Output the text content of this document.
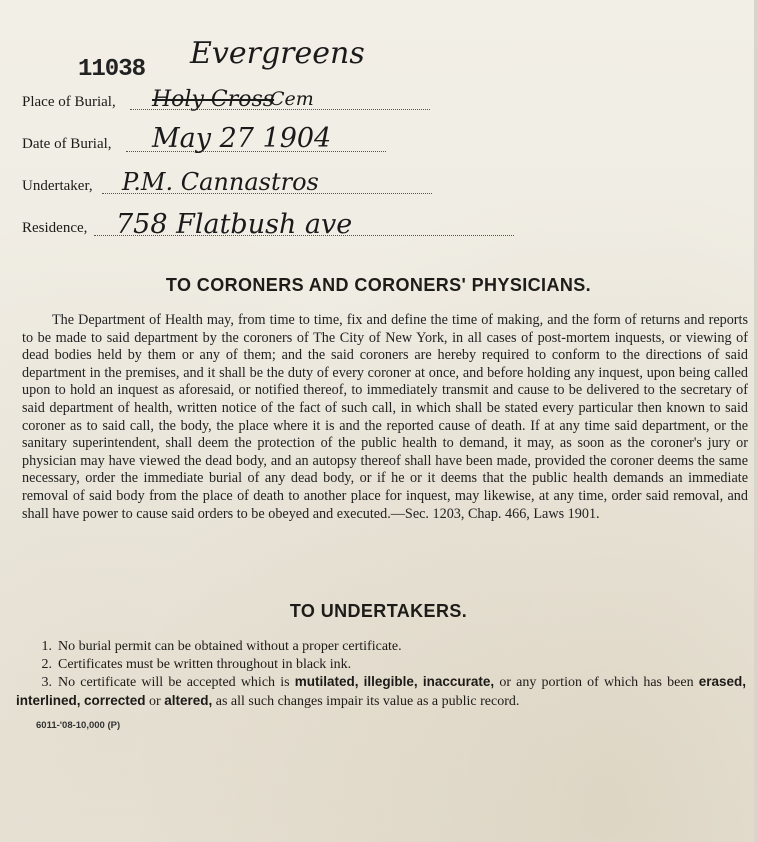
11038
Place of Burial, Holy Cross
Cem
Evergreens
Date of Burial, May 27 1904
Undertaker, P.M. Cannastros
Residence, 758 Flatbush ave
TO CORONERS AND CORONERS' PHYSICIANS.
The Department of Health may, from time to time, fix and define the time of making, and the form of returns and reports to be made to said department by the coroners of The City of New York, in all cases of post-mortem inquests, or viewing of dead bodies held by them or any of them; and the said coroners are hereby required to conform to the directions of said department in the premises, and it shall be the duty of every coroner at once, and before holding any inquest, upon being called upon to hold an inquest as aforesaid, or notified thereof, to immediately transmit and cause to be delivered to the secretary of said department of health, written notice of the fact of such call, in which shall be stated every particular then known to said coroner as to said call, the body, the place where it is and the reported cause of death. If at any time said department, or the sanitary superintendent, shall deem the protection of the public health to demand, it may, as soon as the coroner's jury or physician may have viewed the dead body, and an autopsy thereof shall have been made, provided the coroner deems the same necessary, order the immediate burial of any dead body, or if he or it deems that the public health demands an immediate removal of said body from the place of death to another place for inquest, may likewise, at any time, order said removal, and shall have power to cause said orders to be obeyed and executed.—Sec. 1203, Chap. 466, Laws 1901.
TO UNDERTAKERS.
1. No burial permit can be obtained without a proper certificate.
2. Certificates must be written throughout in black ink.
3. No certificate will be accepted which is mutilated, illegible, inaccurate, or any portion of which has been erased, interlined, corrected or altered, as all such changes impair its value as a public record.
6011-'08-10,000 (P)
